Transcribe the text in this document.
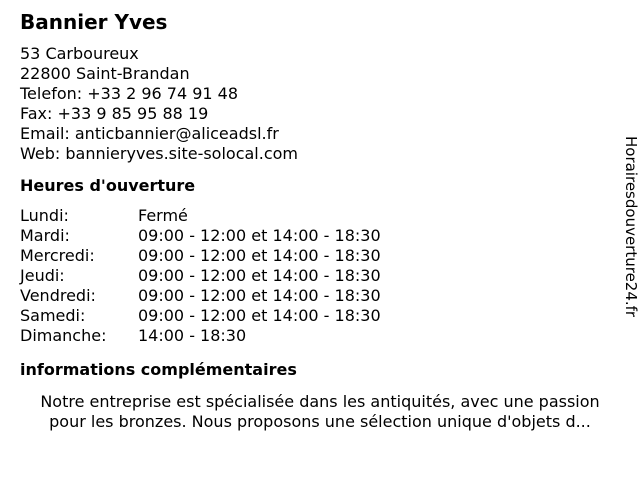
Bannier Yves
53 Carboureux
22800 Saint-Brandan
Telefon: +33 2 96 74 91 48
Fax: +33 9 85 95 88 19
Email: anticbannier@aliceadsl.fr
Web: bannieryves.site-solocal.com
Heures d'ouverture
Lundi:	Fermé
Mardi:	09:00 - 12:00 et 14:00 - 18:30
Mercredi:	09:00 - 12:00 et 14:00 - 18:30
Jeudi:	09:00 - 12:00 et 14:00 - 18:30
Vendredi:	09:00 - 12:00 et 14:00 - 18:30
Samedi:	09:00 - 12:00 et 14:00 - 18:30
Dimanche: 14:00 - 18:30
informations complémentaires
Notre entreprise est spécialisée dans les antiquités, avec une passion
pour les bronzes. Nous proposons une sélection unique d'objets d...
Horairesdouverture24.fr
